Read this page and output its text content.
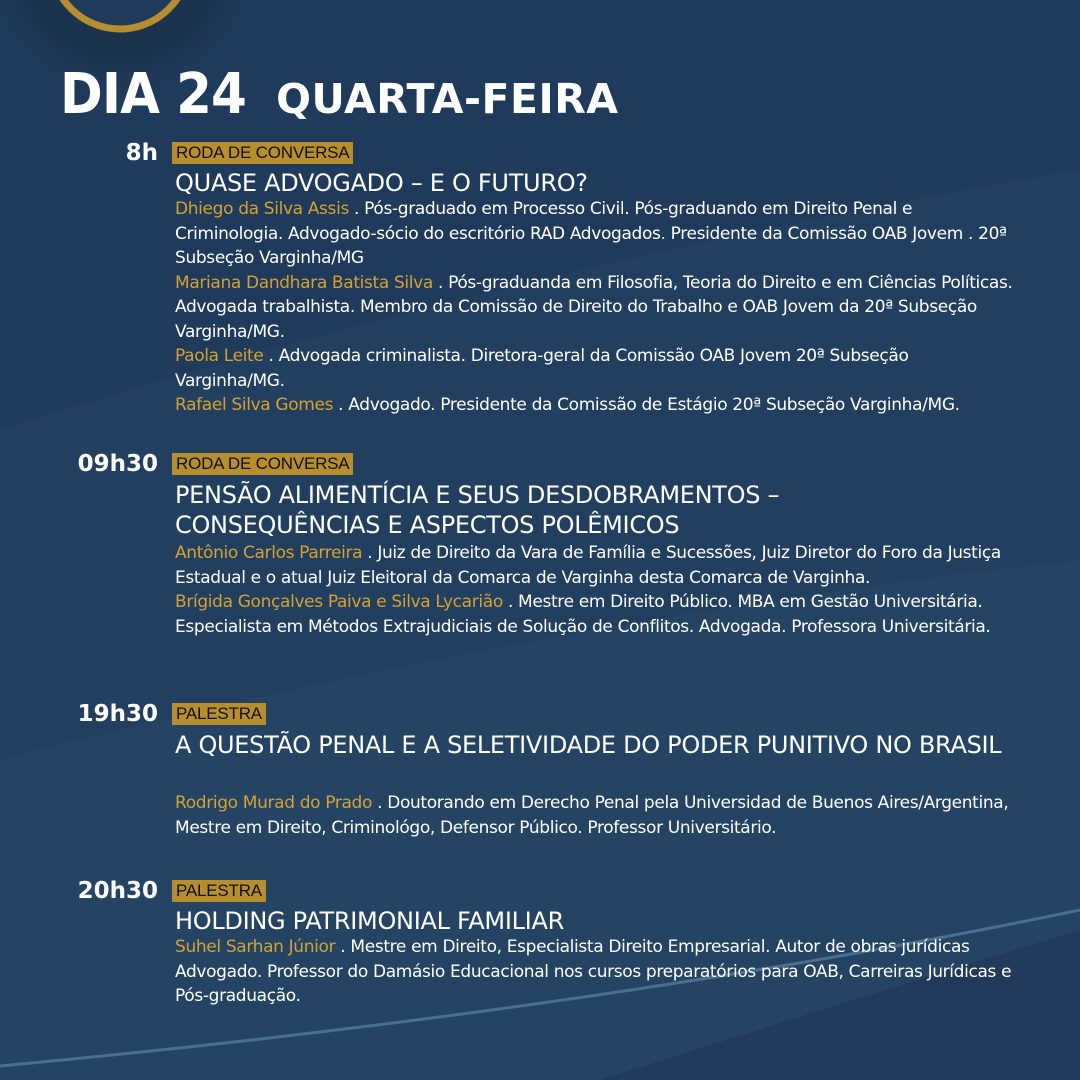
DIA 24 QUARTA-FEIRA
8h RODA DE CONVERSA
QUASE ADVOGADO – E O FUTURO?
Dhiego da Silva Assis . Pós-graduado em Processo Civil. Pós-graduando em Direito Penal e Criminologia. Advogado-sócio do escritório RAD Advogados. Presidente da Comissão OAB Jovem . 20ª Subseção Varginha/MG
Mariana Dandhara Batista Silva . Pós-graduanda em Filosofia, Teoria do Direito e em Ciências Políticas. Advogada trabalhista. Membro da Comissão de Direito do Trabalho e OAB Jovem da 20ª Subseção Varginha/MG.
Paola Leite . Advogada criminalista. Diretora-geral da Comissão OAB Jovem 20ª Subseção Varginha/MG.
Rafael Silva Gomes . Advogado. Presidente da Comissão de Estágio 20ª Subseção Varginha/MG.
09h30 RODA DE CONVERSA
PENSÃO ALIMENTÍCIA E SEUS DESDOBRAMENTOS – CONSEQUÊNCIAS E ASPECTOS POLÊMICOS
Antônio Carlos Parreira . Juiz de Direito da Vara de Família e Sucessões, Juiz Diretor do Foro da Justiça Estadual e o atual Juiz Eleitoral da Comarca de Varginha desta Comarca de Varginha.
Brígida Gonçalves Paiva e Silva Lycarião . Mestre em Direito Público. MBA em Gestão Universitária. Especialista em Métodos Extrajudiciais de Solução de Conflitos. Advogada. Professora Universitária.
19h30 PALESTRA
A QUESTÃO PENAL E A SELETIVIDADE DO PODER PUNITIVO NO BRASIL
Rodrigo Murad do Prado . Doutorando em Derecho Penal pela Universidad de Buenos Aires/Argentina, Mestre em Direito, Criminológo, Defensor Público. Professor Universitário.
20h30 PALESTRA
HOLDING PATRIMONIAL FAMILIAR
Suhel Sarhan Júnior . Mestre em Direito, Especialista Direito Empresarial. Autor de obras jurídicas Advogado. Professor do Damásio Educacional nos cursos preparatórios para OAB, Carreiras Jurídicas e Pós-graduação.
